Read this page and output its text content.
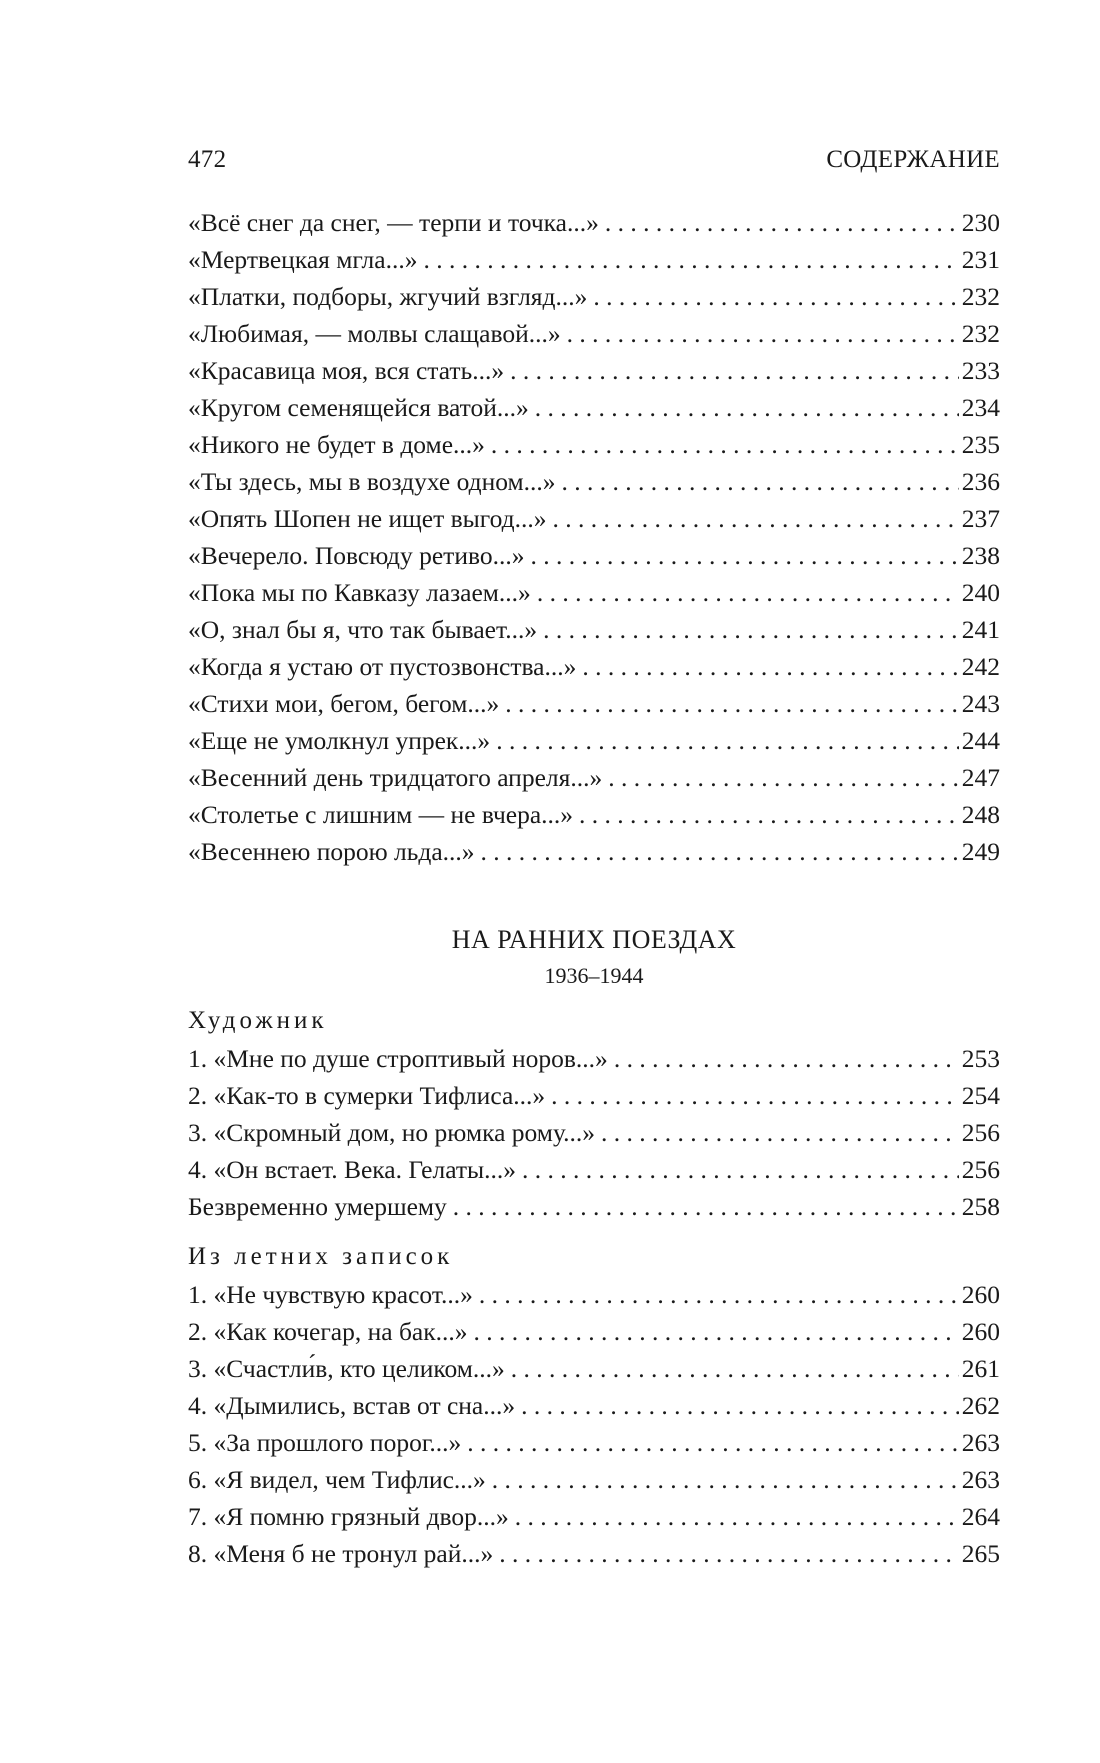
472	СОДЕРЖАНИЕ
«Всё снег да снег, — терпи и точка...» . . .	230
«Мертвецкая мгла...» . . .	231
«Платки, подборы, жгучий взгляд...» . . .	232
«Любимая, — молвы слащавой...» . . .	232
«Красавица моя, вся стать...» . . .	233
«Кругом семенящейся ватой...» . . .	234
«Никого не будет в доме...» . . .	235
«Ты здесь, мы в воздухе одном...» . . .	236
«Опять Шопен не ищет выгод...» . . .	237
«Вечерело. Повсюду ретиво...» . . .	238
«Пока мы по Кавказу лазаем...» . . .	240
«О, знал бы я, что так бывает...» . . .	241
«Когда я устаю от пустозвонства...» . . .	242
«Стихи мои, бегом, бегом...» . . .	243
«Еще не умолкнул упрек...» . . .	244
«Весенний день тридцатого апреля...» . . .	247
«Столетье с лишним — не вчера...» . . .	248
«Весеннею порою льда...» . . .	249
НА РАННИХ ПОЕЗДАХ
1936–1944
Художник
1. «Мне по душе строптивый норов...» . . .	253
2. «Как-то в сумерки Тифлиса...» . . .	254
3. «Скромный дом, но рюмка рому...» . . .	256
4. «Он встает. Века. Гелаты...» . . .	256
Безвременно умершему . . .	258
Из летних записок
1. «Не чувствую красот...» . . .	260
2. «Как кочегар, на бак...» . . .	260
3. «Счастли́в, кто целиком...» . . .	261
4. «Дымились, встав от сна...» . . .	262
5. «За прошлого порог...» . . .	263
6. «Я видел, чем Тифлис...» . . .	263
7. «Я помню грязный двор...» . . .	264
8. «Меня б не тронул рай...» . . .	265
